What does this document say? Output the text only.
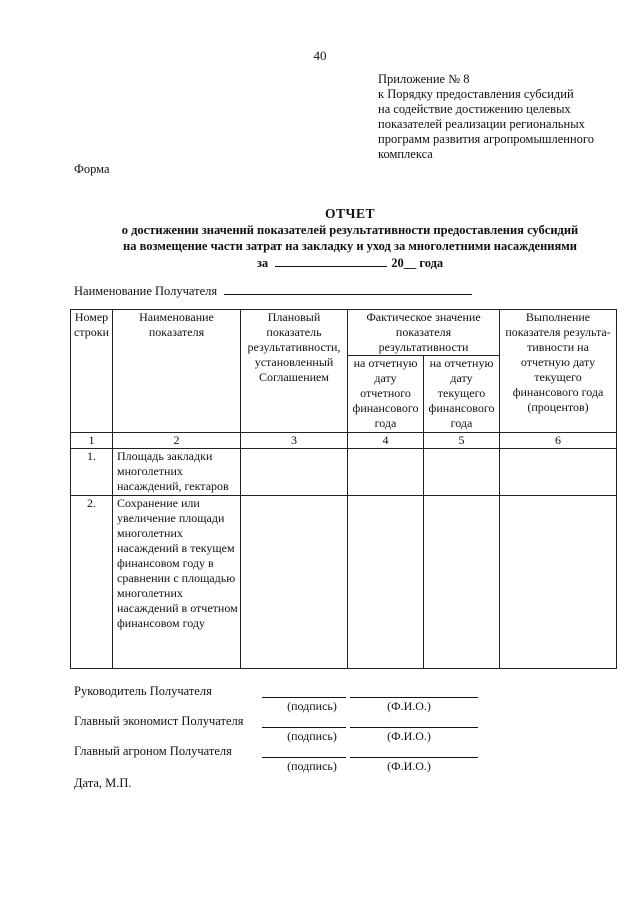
40
Приложение № 8
к Порядку предоставления субсидий
на содействие достижению целевых
показателей реализации региональных
программ развития агропромышленного
комплекса
Форма
ОТЧЕТ
о достижении значений показателей результативности предоставления субсидий
на возмещение части затрат на закладку и уход за многолетними насаждениями
за	20__ года
Наименование Получателя
Номер строки	Наименование показателя	Плановый показатель результативности, установленный Соглашением	Фактическое значение показателя результативности		Выполнение показателя результа-тивности на отчетную дату текущего финансового года (процентов)
			на отчетную дату отчетного финансового года	на отчетную дату текущего финансового года	
1	2	3	4	5	6
1.	Площадь закладки многолетних насаждений, гектаров				
2.	Сохранение или увеличение площади многолетних насаждений в текущем финансовом году в сравнении с площадью многолетних насаждений в отчетном финансовом году				
Руководитель Получателя
(подпись)	(Ф.И.О.)
Главный экономист Получателя
(подпись)	(Ф.И.О.)
Главный агроном Получателя
(подпись)	(Ф.И.О.)
Дата, М.П.
